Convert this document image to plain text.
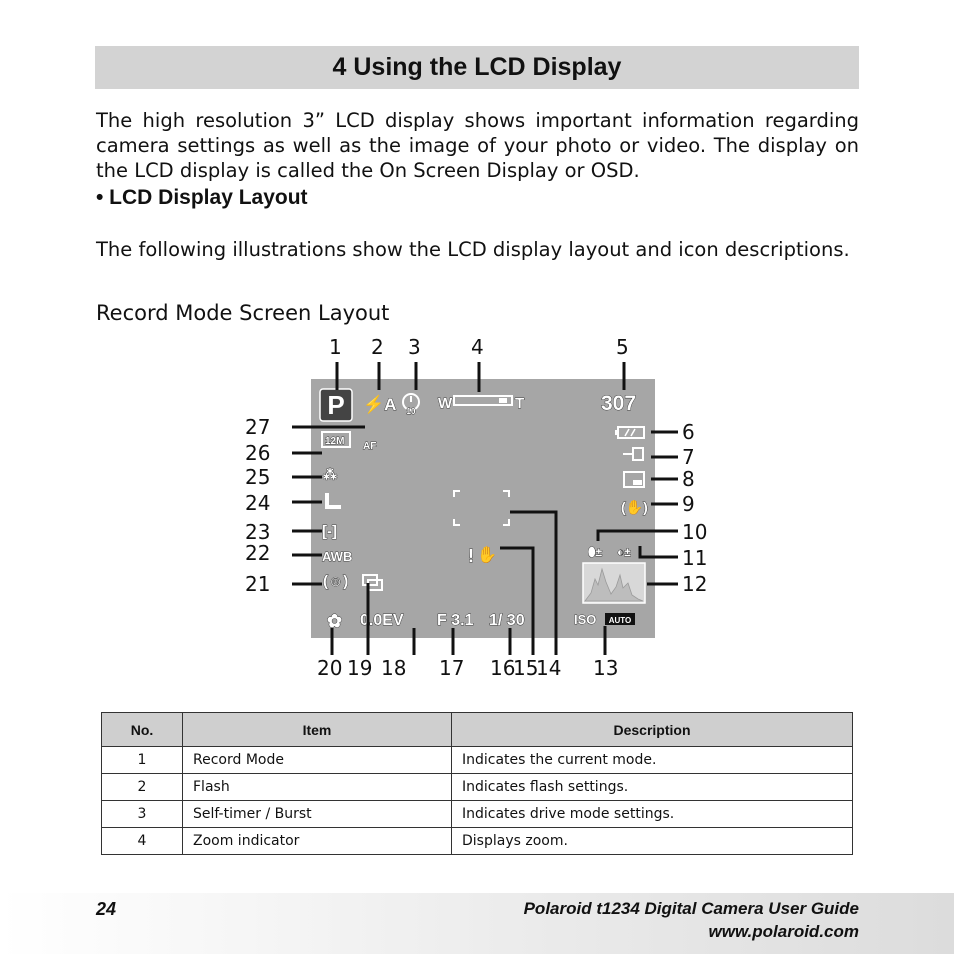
4 Using the LCD Display

The high resolution 3” LCD display shows important information regarding camera settings as well as the image of your photo or video. The display on the LCD display is called the On Screen Display or OSD.

• LCD Display Layout

The following illustrations show the LCD display layout and icon descriptions.

Record Mode Screen Layout

1 2 3	4	5
6
7
8
9
10
11
12
27
26
25
24
23
22
21
20 19 18 17 16
15
14 13
P ⚡A 10 W	T	307
(✋)
AF
12M
⁂
[‑]
AWB
(☺)
✿ 0.0EV F 3.1 1/ 30	ISO AUTO
! ✋	⬮± ◐±
No.	Item	Description
1	Record Mode	Indicates the current mode.
2	Flash	Indicates flash settings.
3	Self-timer / Burst	Indicates drive mode settings.
4	Zoom indicator	Displays zoom.
24	Polaroid t1234 Digital Camera User Guide
www.polaroid.com
